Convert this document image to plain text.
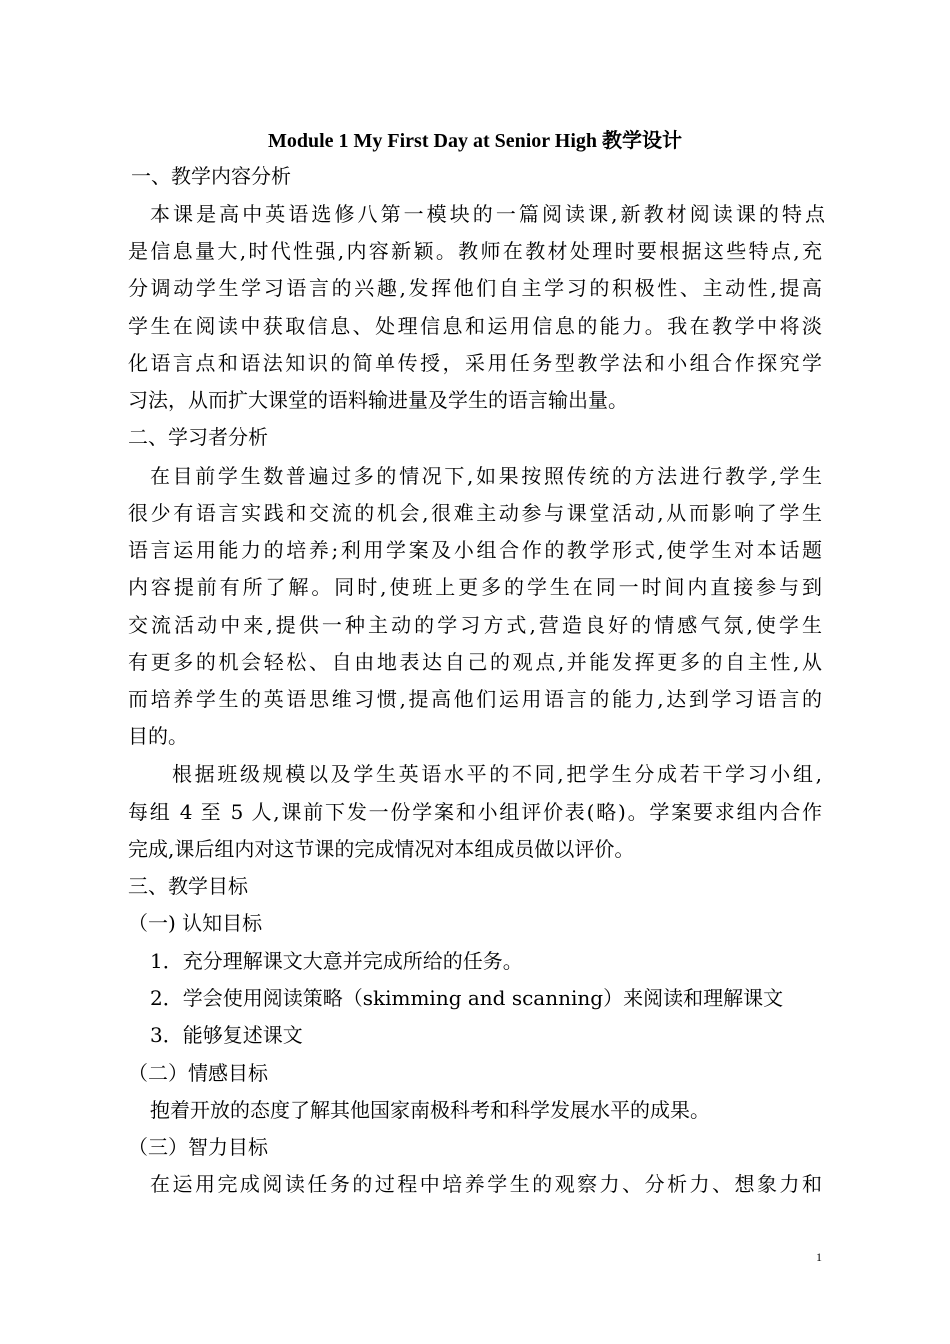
Module 1 My First Day at Senior High 教学设计
一、教学内容分析
本课是高中英语选修八第一模块的一篇阅读课,新教材阅读课的特点
是信息量大,时代性强,内容新颖。教师在教材处理时要根据这些特点,充
分调动学生学习语言的兴趣,发挥他们自主学习的积极性、主动性,提高
学生在阅读中获取信息、处理信息和运用信息的能力。我在教学中将淡
化语言点和语法知识的简单传授，采用任务型教学法和小组合作探究学
习法，从而扩大课堂的语料输进量及学生的语言输出量。
二、学习者分析
在目前学生数普遍过多的情况下,如果按照传统的方法进行教学,学生
很少有语言实践和交流的机会,很难主动参与课堂活动,从而影响了学生
语言运用能力的培养;利用学案及小组合作的教学形式,使学生对本话题
内容提前有所了解。同时,使班上更多的学生在同一时间内直接参与到
交流活动中来,提供一种主动的学习方式,营造良好的情感气氛,使学生
有更多的机会轻松、自由地表达自己的观点,并能发挥更多的自主性,从
而培养学生的英语思维习惯,提高他们运用语言的能力,达到学习语言的
目的。
根据班级规模以及学生英语水平的不同,把学生分成若干学习小组,
每组 4 至 5 人,课前下发一份学案和小组评价表(略)。学案要求组内合作
完成,课后组内对这节课的完成情况对本组成员做以评价。
三、教学目标
（一) 认知目标
1．充分理解课文大意并完成所给的任务。
2．学会使用阅读策略（skimming and scanning）来阅读和理解课文
3．能够复述课文
（二）情感目标
抱着开放的态度了解其他国家南极科考和科学发展水平的成果。
（三）智力目标
在运用完成阅读任务的过程中培养学生的观察力、分析力、想象力和
1
